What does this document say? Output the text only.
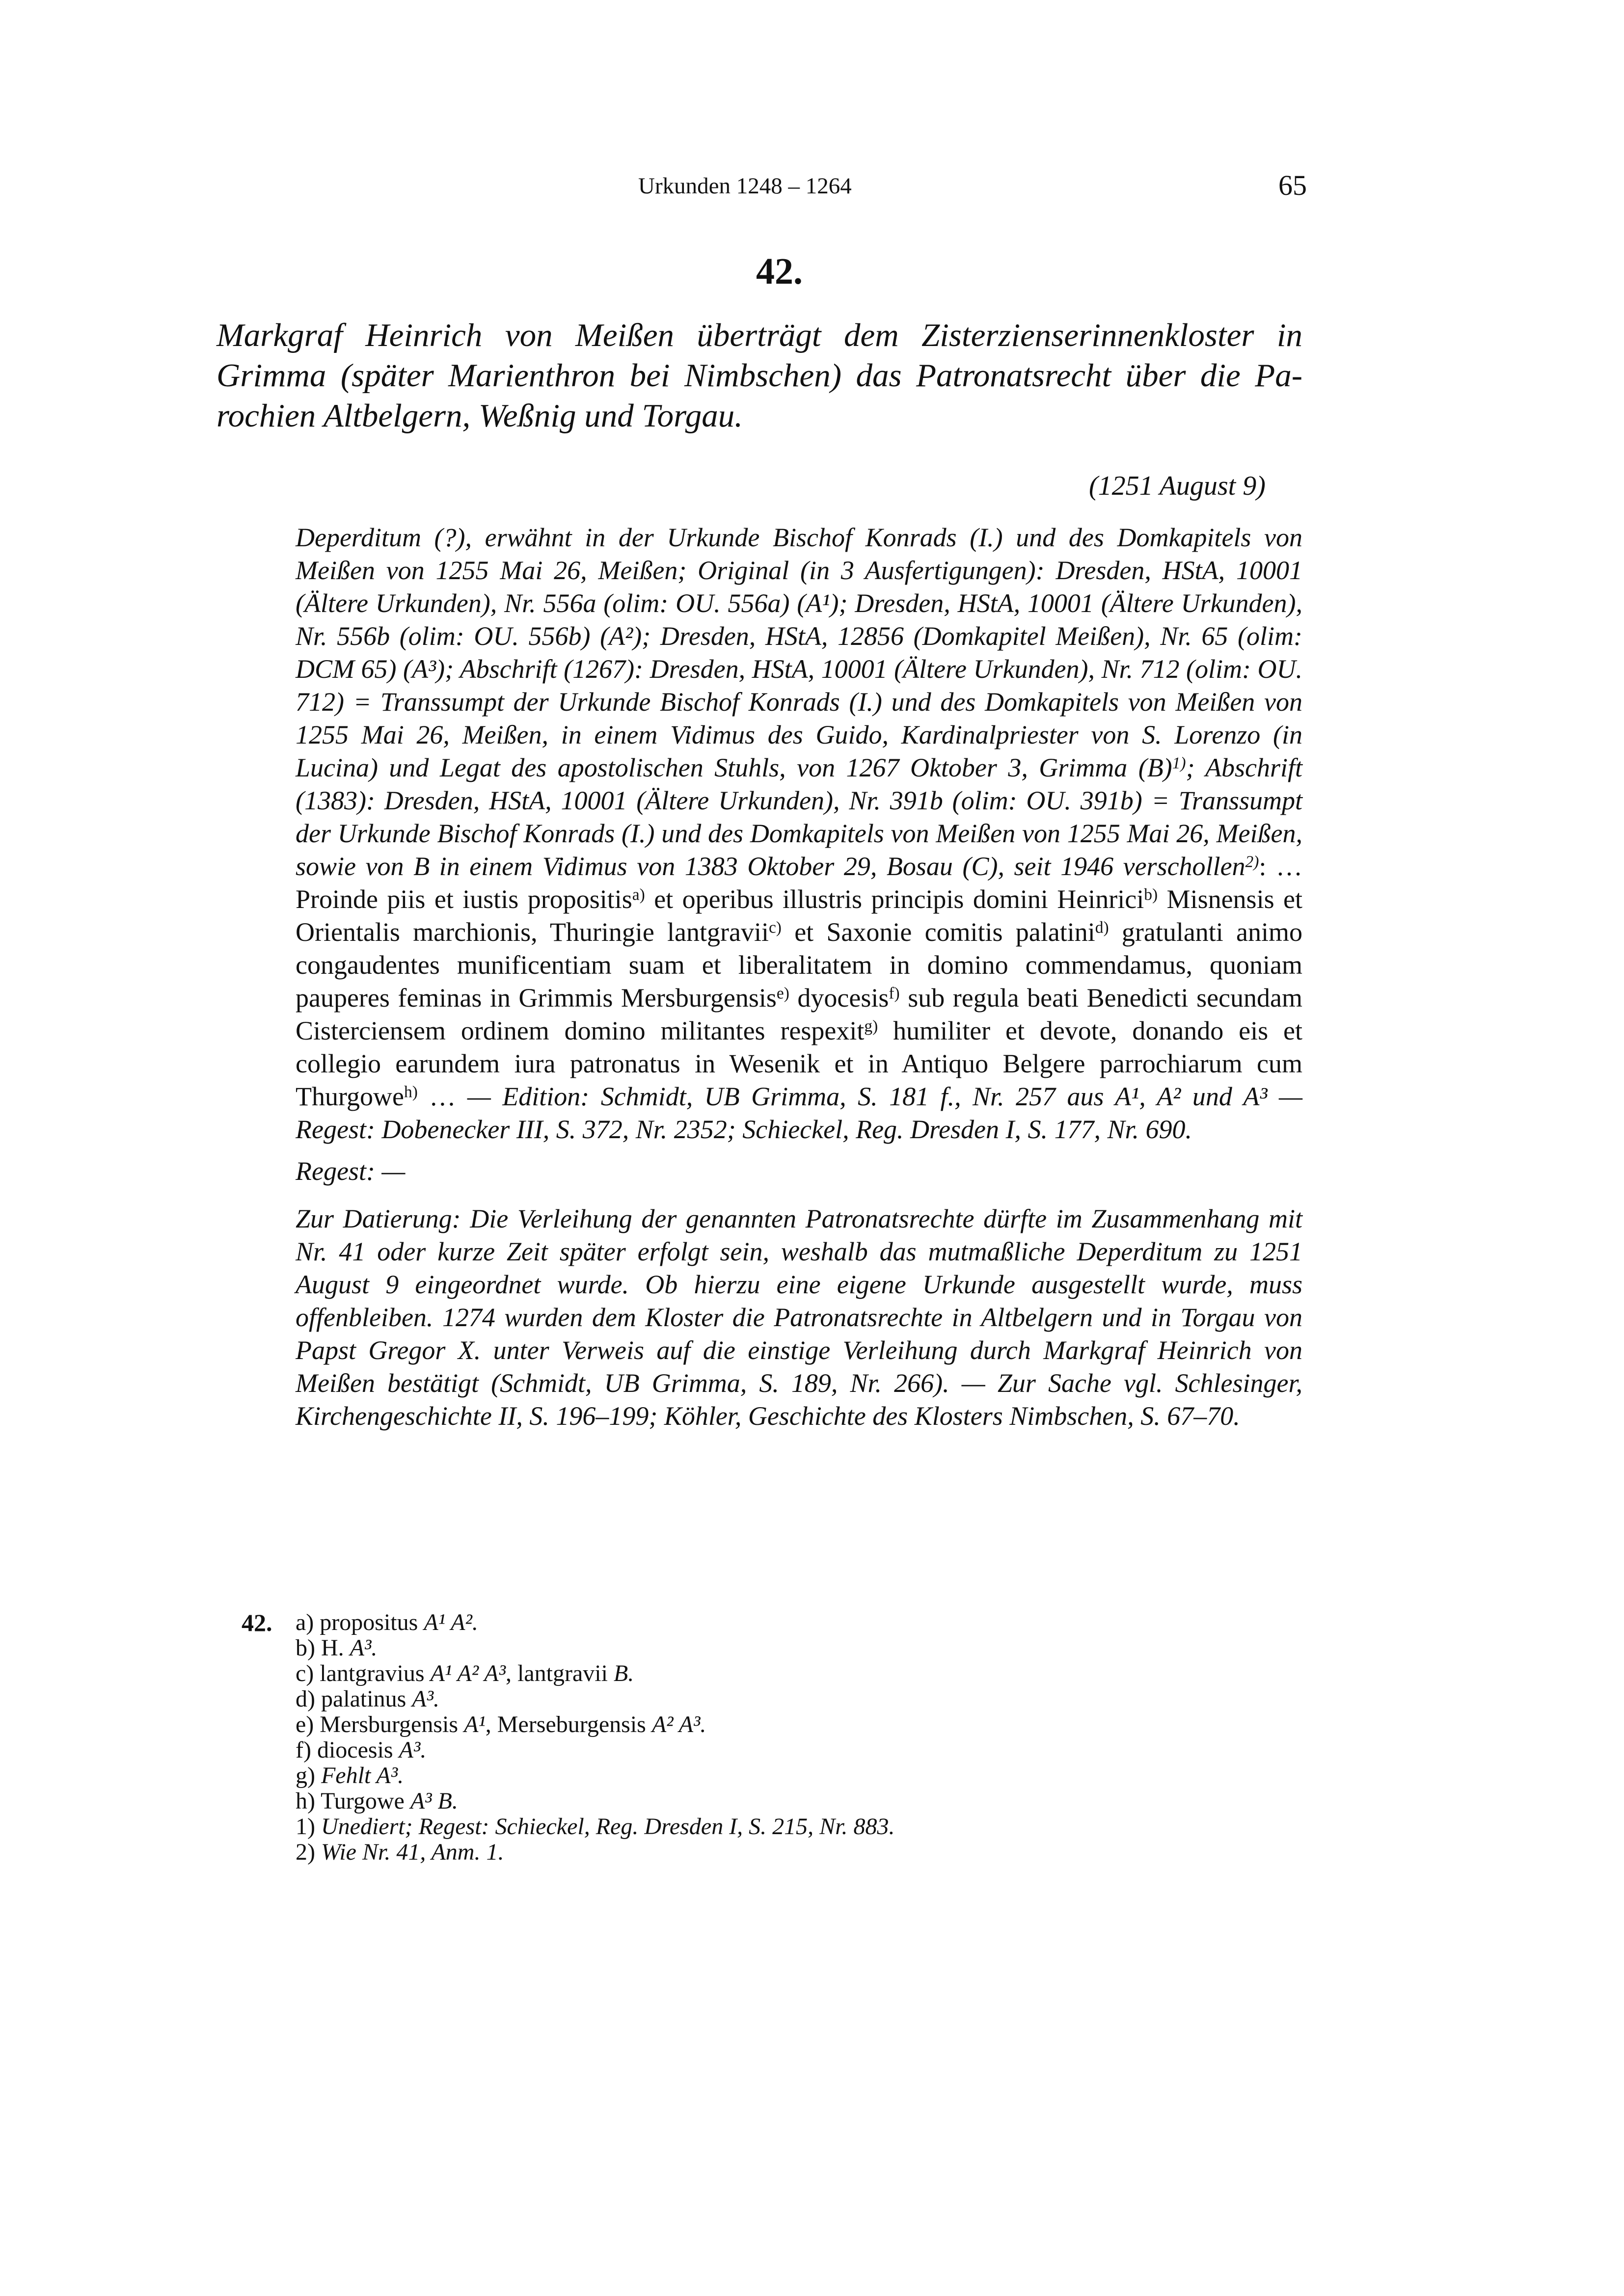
Urkunden 1248 – 1264	65
42.
Markgraf Heinrich von Meißen überträgt dem Zisterzienserinnenkloster in Grimma (später Marienthron bei Nimbschen) das Patronatsrecht über die Parochien Altbelgern, Weßnig und Torgau.
(1251 August 9)

Deperditum (?), erwähnt in der Urkunde Bischof Konrads (I.) und des Domkapitels von Meißen von 1255 Mai 26, Meißen; Original (in 3 Ausfertigungen): Dresden, HStA, 10001 (Ältere Urkunden), Nr. 556a (olim: OU. 556a) (A¹); Dresden, HStA, 10001 (Ältere Urkunden), Nr. 556b (olim: OU. 556b) (A²); Dresden, HStA, 12856 (Domkapitel Meißen), Nr. 65 (olim: DCM 65) (A³); Abschrift (1267): Dresden, HStA, 10001 (Ältere Urkunden), Nr. 712 (olim: OU. 712) = Transsumpt der Urkunde Bischof Konrads (I.) und des Domkapitels von Meißen von 1255 Mai 26, Meißen, in einem Vidimus des Guido, Kardinalpriester von S. Lorenzo (in Lucina) und Legat des apostolischen Stuhls, von 1267 Oktober 3, Grimma $(B)^{1)}$; Abschrift (1383): Dresden, HStA, 10001 (Ältere Urkunden), Nr. 391b (olim: OU. 391b) = Transsumpt der Urkunde Bischof Konrads (I.) und des Domkapitels von Meißen von 1255 Mai 26, Meißen, sowie von B in einem Vidimus von 1383 Oktober 29, Bosau (C), seit 1946 verschollen$^{2)}$: … Proinde piis et iustis propositis$^{a)}$ et operibus illustris principis domini Heinrici$^{b)}$ Misnensis et Orientalis marchionis, Thuringie lantgravii$^{c)}$ et Saxonie comitis palatini$^{d)}$ gratulanti animo congaudentes munificentiam suam et liberalitatem in domino commendamus, quoniam pauperes feminas in Grimmis Mersburgensis$^{e)}$ dyocesis$^{f)}$ sub regula beati Benedicti secundam Cisterciensem ordinem domino militantes respexit$^{g)}$ humiliter et devote, donando eis et collegio earundem iura patronatus in Wesenik et in Antiquo Belgere parrochiarum cum Thurgowe$^{h)}$ … — Edition: Schmidt, UB Grimma, S. 181 f., Nr. 257 aus A¹, A² und A³ — Regest: Dobenecker III, S. 372, Nr. 2352; Schieckel, Reg. Dresden I, S. 177, Nr. 690.

Regest: —

Zur Datierung: Die Verleihung der genannten Patronatsrechte dürfte im Zusammenhang mit Nr. 41 oder kurze Zeit später erfolgt sein, weshalb das mutmaßliche Deperditum zu 1251 August 9 eingeordnet wurde. Ob hierzu eine eigene Urkunde ausgestellt wurde, muss offenbleiben. 1274 wurden dem Kloster die Patronatsrechte in Altbelgern und in Torgau von Papst Gregor X. unter Verweis auf die einstige Verleihung durch Markgraf Heinrich von Meißen bestätigt (Schmidt, UB Grimma, S. 189, Nr. 266). — Zur Sache vgl. Schlesinger, Kirchengeschichte II, S. 196–199; Köhler, Geschichte des Klosters Nimbschen, S. 67–70.

42. a) propositus A¹ A².
b) H. A³.
c) lantgravius A¹ A² A³, lantgravii B.
d) palatinus A³.
e) Mersburgensis A¹, Merseburgensis A² A³.
f) diocesis A³.
g) Fehlt A³.
h) Turgowe A³ B.
1) Unediert; Regest: Schieckel, Reg. Dresden I, S. 215, Nr. 883.
2) Wie Nr. 41, Anm. 1.
